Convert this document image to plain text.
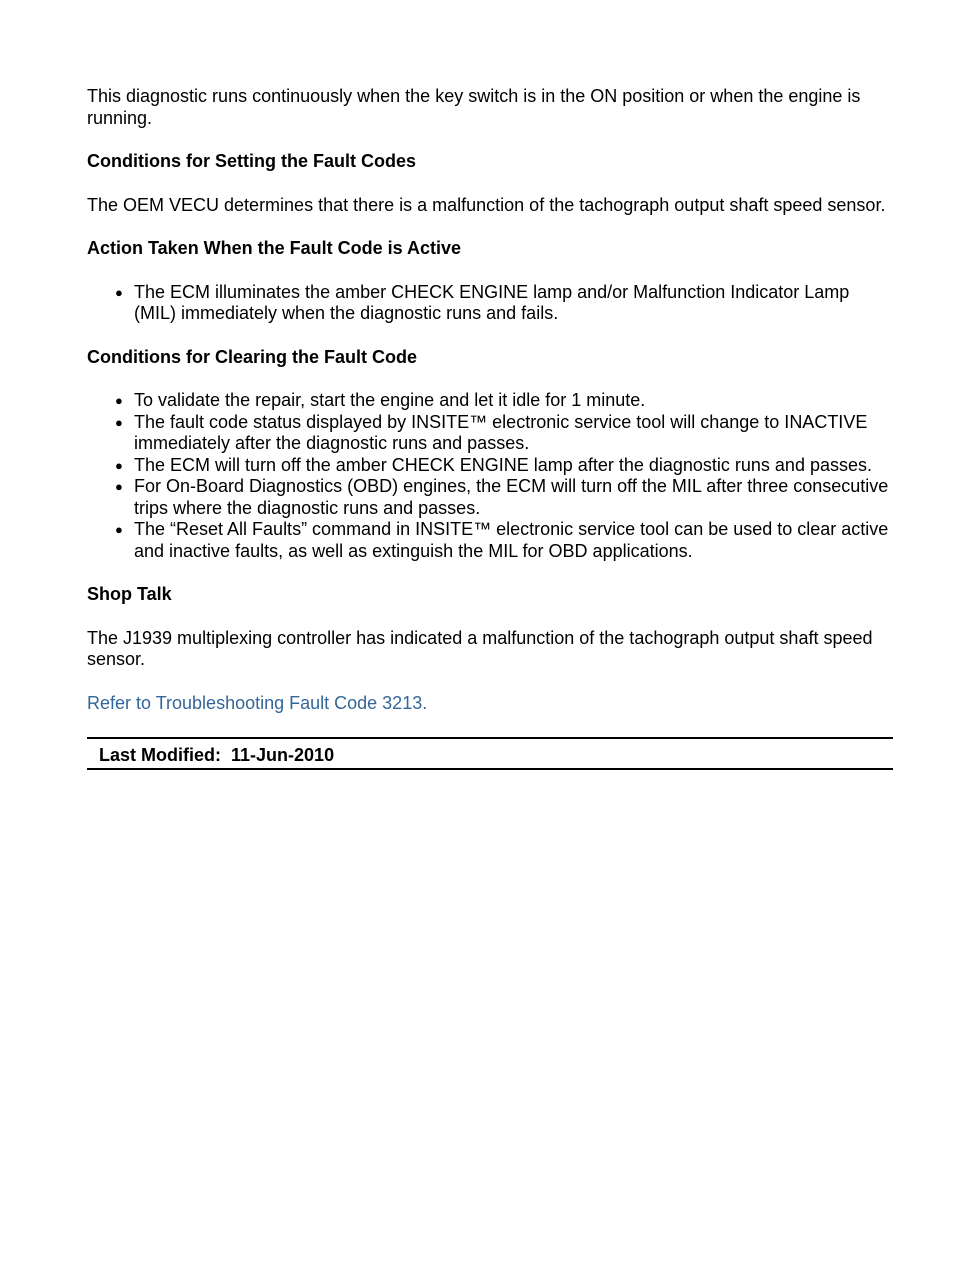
This diagnostic runs continuously when the key switch is in the ON position or when the engine is running.

Conditions for Setting the Fault Codes

The OEM VECU determines that there is a malfunction of the tachograph output shaft speed sensor.

Action Taken When the Fault Code is Active

● The ECM illuminates the amber CHECK ENGINE lamp and/or Malfunction Indicator Lamp (MIL) immediately when the diagnostic runs and fails.

Conditions for Clearing the Fault Code

● To validate the repair, start the engine and let it idle for 1 minute.
● The fault code status displayed by INSITE™ electronic service tool will change to INACTIVE immediately after the diagnostic runs and passes.
● The ECM will turn off the amber CHECK ENGINE lamp after the diagnostic runs and passes.
● For On-Board Diagnostics (OBD) engines, the ECM will turn off the MIL after three consecutive trips where the diagnostic runs and passes.
● The “Reset All Faults” command in INSITE™ electronic service tool can be used to clear active and inactive faults, as well as extinguish the MIL for OBD applications.

Shop Talk

The J1939 multiplexing controller has indicated a malfunction of the tachograph output shaft speed sensor.

Refer to Troubleshooting Fault Code 3213.

Last Modified: 11-Jun-2010
